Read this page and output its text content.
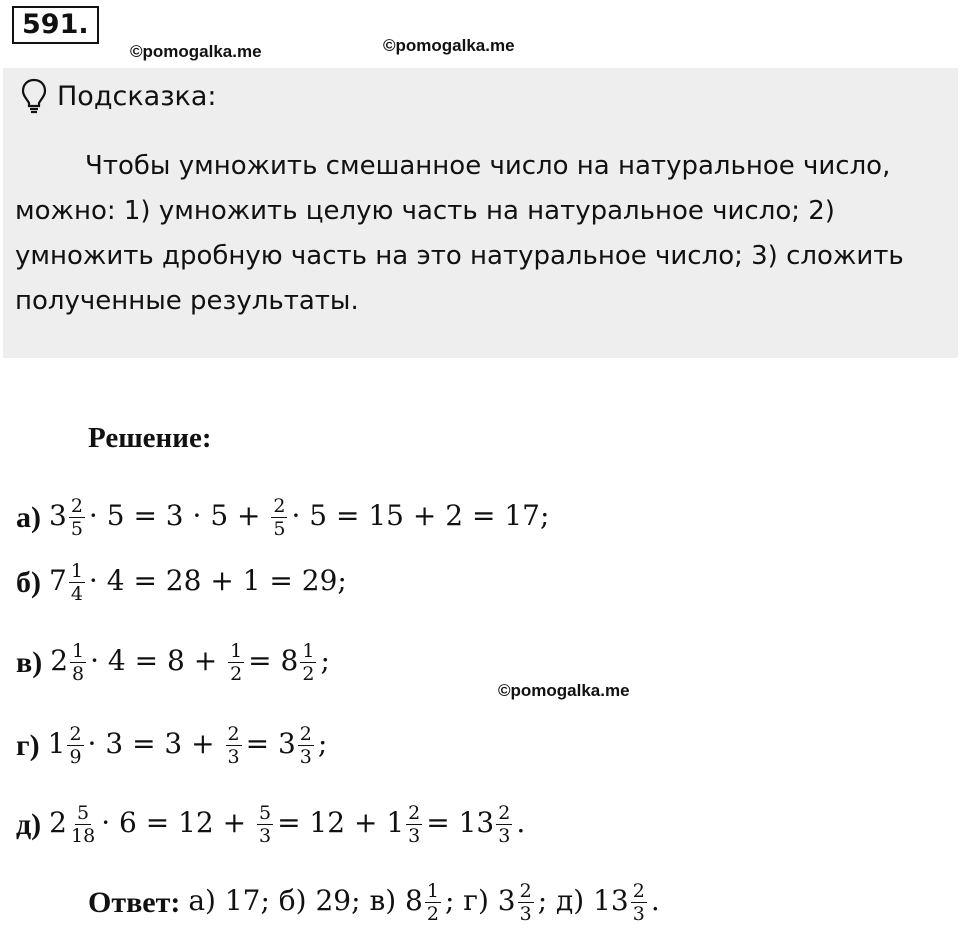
591.
©pomogalka.me	©pomogalka.me
©pomogalka.me
Подсказка:

Чтобы умножить смешанное число на натуральное число, можно: 1) умножить целую часть на натуральное число; 2) умножить дробную часть на это натуральное число; 3) сложить полученные результаты.

Решение:
а) $3 \frac{2}{5} \cdot 5 = 3 \cdot 5 + \frac{2}{5} \cdot 5 = 15 + 2 = 17$;
б) $7 \frac{1}{4} \cdot 4 = 28 + 1 = 29$;
в) $2 \frac{1}{8} \cdot 4 = 8 + \frac{1}{2} = 8 \frac{1}{2}$ ;
г) $1 \frac{2}{9} \cdot 3 = 3 + \frac{2}{3} = 3 \frac{2}{3}$ ;
д) $2 \frac{5}{18} \cdot 6 = 12 + \frac{5}{3} = 12 + 1 \frac{2}{3} = 13 \frac{2}{3}$ .
Ответ: а) 17; б) 29; в) $8 \frac{1}{2}$ ; г) $3 \frac{2}{3}$ ; д) $13 \frac{2}{3}$ .
